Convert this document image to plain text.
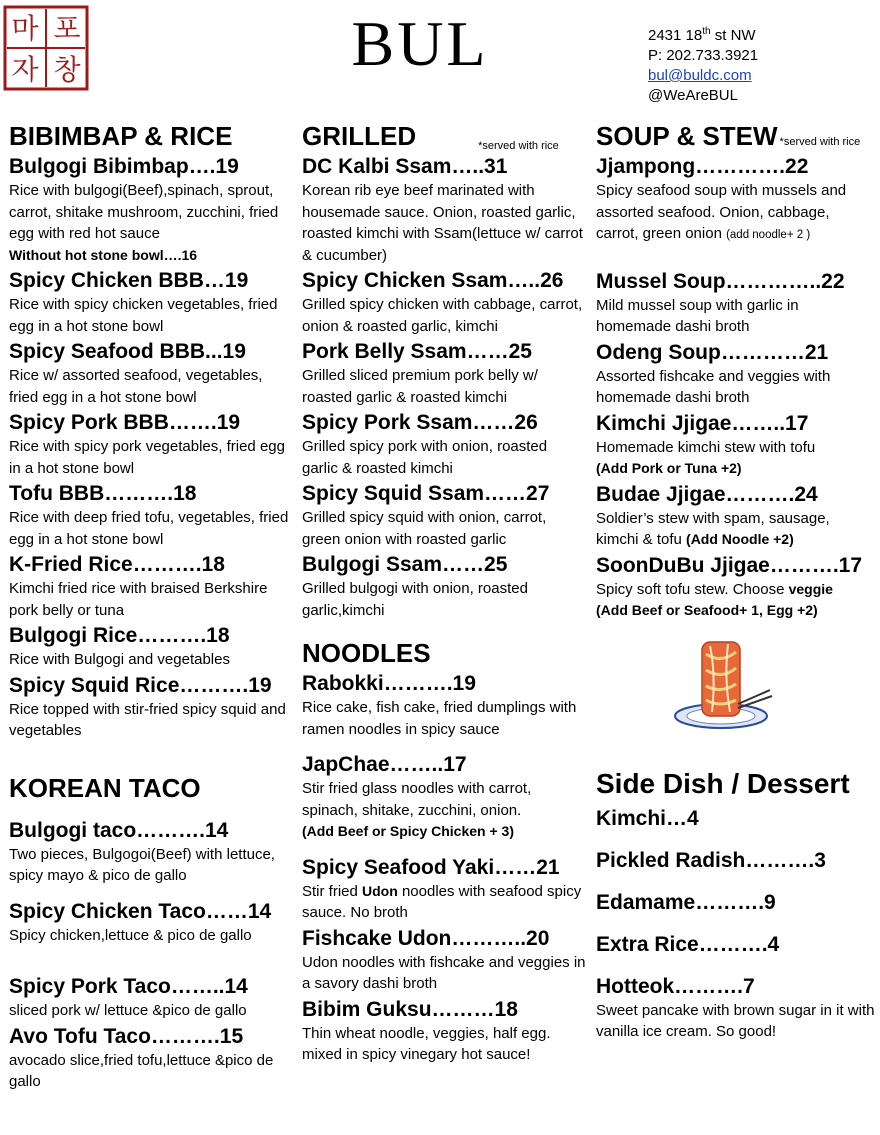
마 포
자 창	BUL	2431 18th st NW
P: 202.733.3921
bul@buldc.com
@WeAreBUL
BIBIMBAP & RICE
Bulgogi Bibimbap….19
Rice with bulgogi(Beef),spinach, sprout, carrot, shitake mushroom, zucchini, fried egg with red hot sauce
Without hot stone bowl….16
Spicy Chicken BBB…19
Rice with spicy chicken vegetables, fried egg in a hot stone bowl
Spicy Seafood BBB...19
Rice w/ assorted seafood, vegetables, fried egg in a hot stone bowl
Spicy Pork BBB…….19
Rice with spicy pork vegetables, fried egg in a hot stone bowl
Tofu BBB……….18
Rice with deep fried tofu, vegetables, fried egg in a hot stone bowl
K-Fried Rice……….18
Kimchi fried rice with braised Berkshire pork belly or tuna
Bulgogi Rice……….18
Rice with Bulgogi and vegetables
Spicy Squid Rice……….19
Rice topped with stir-fried spicy squid and vegetables
KOREAN TACO
Bulgogi taco……….14
Two pieces, Bulgogoi(Beef) with lettuce, spicy mayo & pico de gallo
Spicy Chicken Taco……14
Spicy chicken,lettuce & pico de gallo
Spicy Pork Taco……..14
sliced pork w/ lettuce &pico de gallo
Avo Tofu Taco……….15
avocado slice,fried tofu,lettuce &pico de gallo
GRILLED	$^{*served with rice}$
DC Kalbi Ssam…..31
Korean rib eye beef marinated with housemade sauce. Onion, roasted garlic, roasted kimchi with Ssam(lettuce w/ carrot & cucumber)
Spicy Chicken Ssam…..26
Grilled spicy chicken with cabbage, carrot, onion & roasted garlic, kimchi
Pork Belly Ssam……25
Grilled sliced premium pork belly w/ roasted garlic & roasted kimchi
Spicy Pork Ssam……26
Grilled spicy pork with onion, roasted garlic & roasted kimchi
Spicy Squid Ssam……27
Grilled spicy squid with onion, carrot, green onion with roasted garlic
Bulgogi Ssam……25
Grilled bulgogi with onion, roasted garlic,kimchi
NOODLES
Rabokki……….19
Rice cake, fish cake, fried dumplings with ramen noodles in spicy sauce
JapChae……..17
Stir fried glass noodles with carrot, spinach, shitake, zucchini, onion.
(Add Beef or Spicy Chicken + 3)
Spicy Seafood Yaki……21
Stir fried Udon noodles with seafood spicy sauce. No broth
Fishcake Udon………..20
Udon noodles with fishcake and veggies in a savory dashi broth
Bibim Guksu………18
Thin wheat noodle, veggies, half egg. mixed in spicy vinegary hot sauce!
SOUP & STEW $^{*served with rice}$
Jjampong………….22
Spicy seafood soup with mussels and assorted seafood. Onion, cabbage, carrot, green onion (add noodle+ 2 )
Mussel Soup…………..22
Mild mussel soup with garlic in homemade dashi broth
Odeng Soup…………21
Assorted fishcake and veggies with homemade dashi broth
Kimchi Jjigae……..17
Homemade kimchi stew with tofu
(Add Pork or Tuna +2)
Budae Jjigae……….24
Soldier’s stew with spam, sausage, kimchi & tofu (Add Noodle +2)
SoonDuBu Jjigae……….17
Spicy soft tofu stew. Choose veggie
(Add Beef or Seafood+ 1, Egg +2)
Side Dish / Dessert
Kimchi…4
Pickled Radish……….3
Edamame……….9
Extra Rice……….4
Hotteok……….7
Sweet pancake with brown sugar in it with vanilla ice cream. So good!
